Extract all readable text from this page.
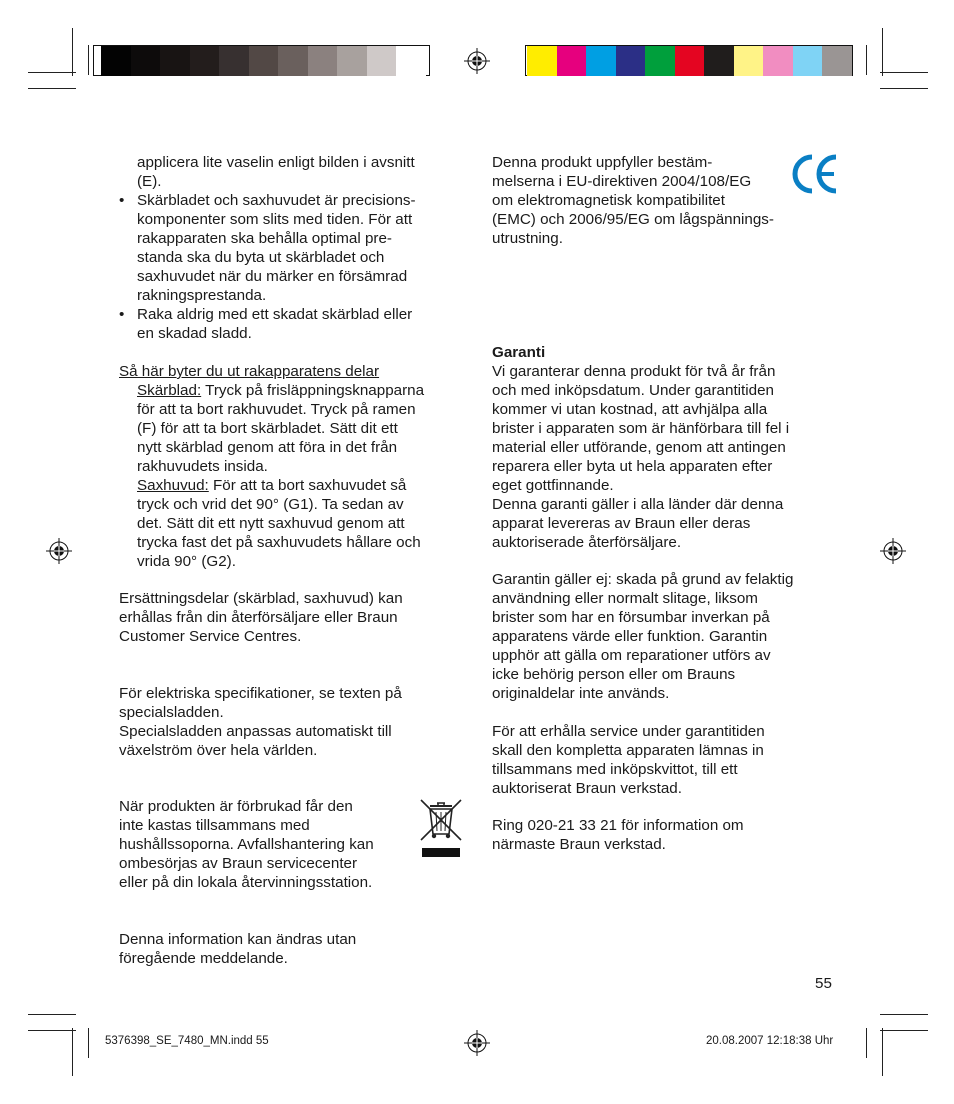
applicera lite vaselin enligt bilden i avsnitt
(E).
• Skärbladet och saxhuvudet är precisions-
komponenter som slits med tiden. För att
rakapparaten ska behålla optimal pre-
standa ska du byta ut skärbladet och
saxhuvudet när du märker en försämrad
rakningsprestanda.
• Raka aldrig med ett skadat skärblad eller
en skadad sladd.
Så här byter du ut rakapparatens delar
Skärblad: Tryck på frisläppningsknapparna
för att ta bort rakhuvudet. Tryck på ramen
(F) för att ta bort skärbladet. Sätt dit ett
nytt skärblad genom att föra in det från
rakhuvudets insida.
Saxhuvud: För att ta bort saxhuvudet så
tryck och vrid det 90° (G1). Ta sedan av
det. Sätt dit ett nytt saxhuvud genom att
trycka fast det på saxhuvudets hållare och
vrida 90° (G2).
Ersättningsdelar (skärblad, saxhuvud) kan
erhållas från din återförsäljare eller Braun
Customer Service Centres.
För elektriska specifikationer, se texten på
specialsladden.
Specialsladden anpassas automatiskt till
växelström över hela världen.
När produkten är förbrukad får den
inte kastas tillsammans med
hushållssoporna. Avfallshantering kan
ombesörjas av Braun servicecenter
eller på din lokala återvinningsstation.
Denna information kan ändras utan
föregående meddelande.
Denna produkt uppfyller bestäm-
melserna i EU-direktiven 2004/108/EG
om elektromagnetisk kompatibilitet
(EMC) och 2006/95/EG om lågspännings-
utrustning.
Garanti
Vi garanterar denna produkt för två år från
och med inköpsdatum. Under garantitiden
kommer vi utan kostnad, att avhjälpa alla
brister i apparaten som är hänförbara till fel i
material eller utförande, genom att antingen
reparera eller byta ut hela apparaten efter
eget gottfinnande.
Denna garanti gäller i alla länder där denna
apparat levereras av Braun eller deras
auktoriserade återförsäljare.
Garantin gäller ej: skada på grund av felaktig
användning eller normalt slitage, liksom
brister som har en försumbar inverkan på
apparatens värde eller funktion. Garantin
upphör att gälla om reparationer utförs av
icke behörig person eller om Brauns
originaldelar inte används.
För att erhålla service under garantitiden
skall den kompletta apparaten lämnas in
tillsammans med inköpskvittot, till ett
auktoriserat Braun verkstad.
Ring 020-21 33 21 för information om
närmaste Braun verkstad.
55
5376398_SE_7480_MN.indd 55	20.08.2007 12:18:38 Uhr
